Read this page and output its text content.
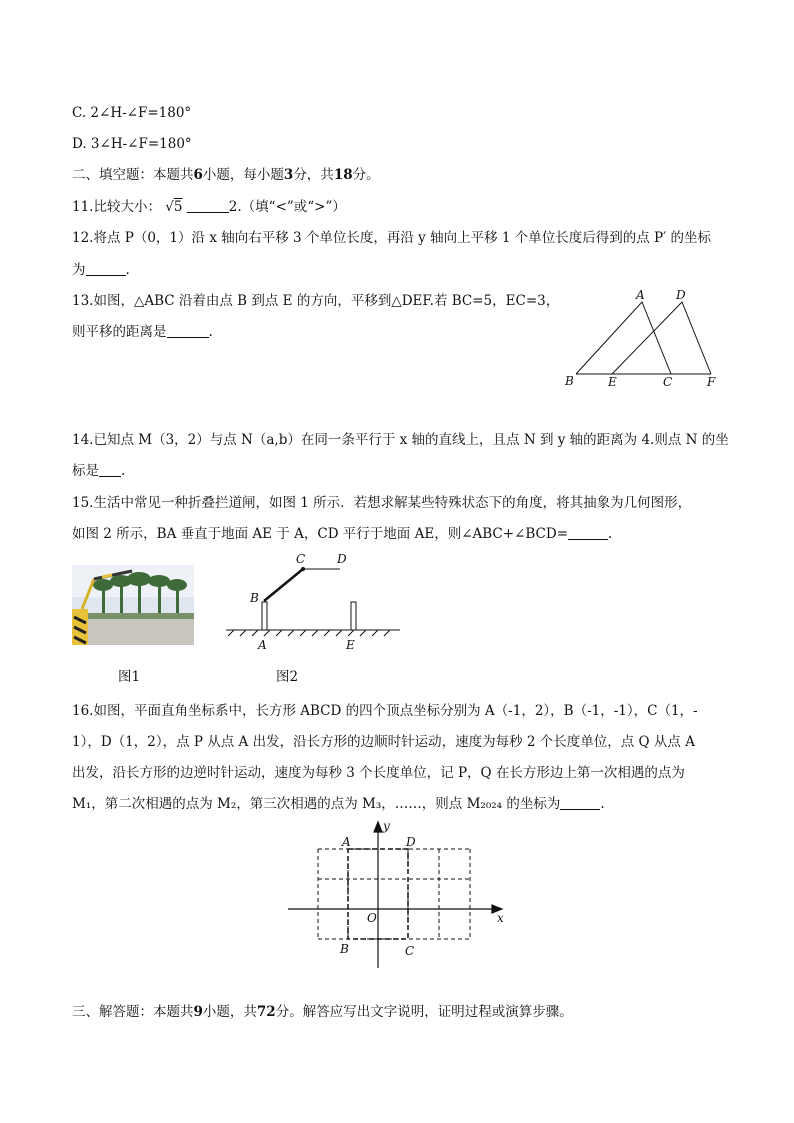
C. 2∠H-∠F=180°
D. 3∠H-∠F=180°
二、填空题：本题共6小题，每小题3分，共18分。
11.比较大小： √5	2.（填“<”或“>”）
12.将点 P（0，1）沿 x 轴向右平移 3 个单位长度，再沿 y 轴向上平移 1 个单位长度后得到的点 P′ 的坐标
为	.
13.如图，△ABC 沿着由点 B 到点 E 的方向，平移到△DEF.若 BC=5，EC=3，
则平移的距离是	.
A	D
B	E	C	F
14.已知点 M（3，2）与点 N（a,b）在同一条平行于 x 轴的直线上，且点 N 到 y 轴的距离为 4.则点 N 的坐
标是 .
15.生活中常见一种折叠拦道闸，如图 1 所示．若想求解某些特殊状态下的角度，将其抽象为几何图形，
如图 2 所示，BA 垂直于地面 AE 于 A，CD 平行于地面 AE，则∠ABC+∠BCD=	.
B
C	D
A	E
图1	图2
16.如图，平面直角坐标系中，长方形 ABCD 的四个顶点坐标分别为 A（-1，2），B（-1，-1），C（1，-
1），D（1，2），点 P 从点 A 出发，沿长方形的边顺时针运动，速度为每秒 2 个长度单位，点 Q 从点 A
出发，沿长方形的边逆时针运动，速度为每秒 3 个长度单位，记 P，Q 在长方形边上第一次相遇的点为
M₁，第二次相遇的点为 M₂，第三次相遇的点为 M₃，……，则点 M₂₀₂₄ 的坐标为	.
A	D
B	C
O	x
y
三、解答题：本题共9小题，共72分。解答应写出文字说明，证明过程或演算步骤。
